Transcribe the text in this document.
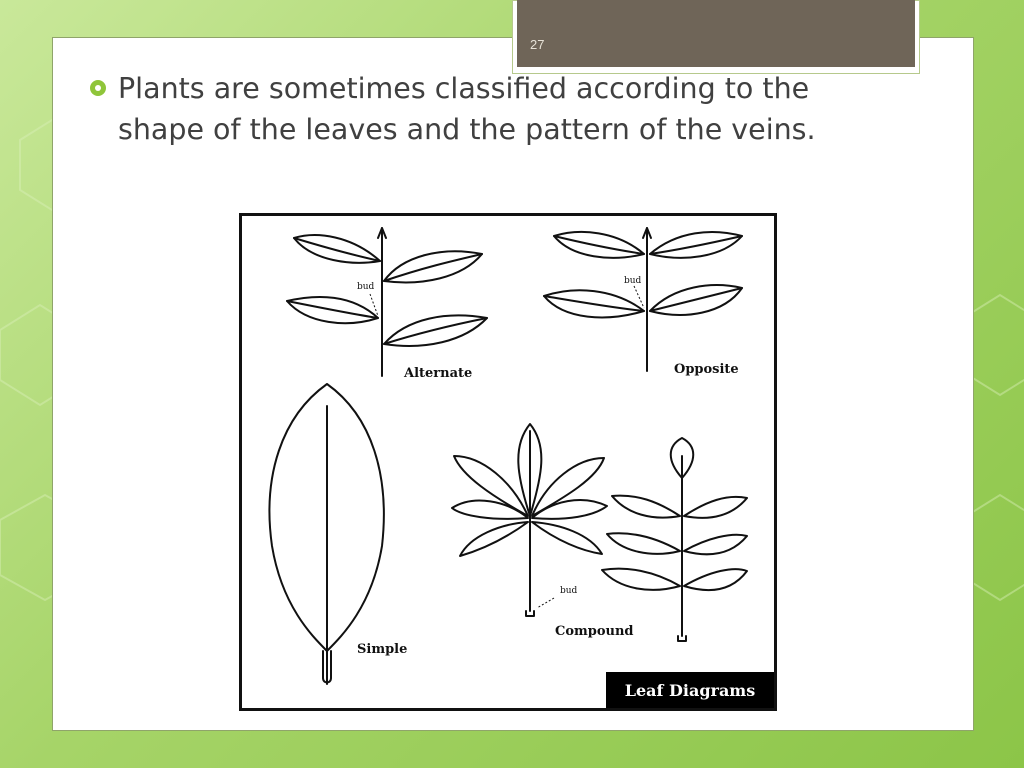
27

Plants are sometimes classified according to the shape of the leaves and the pattern of the veins.

Alternate	Opposite
Simple
Compound
bud
bud
bud
Leaf Diagrams
